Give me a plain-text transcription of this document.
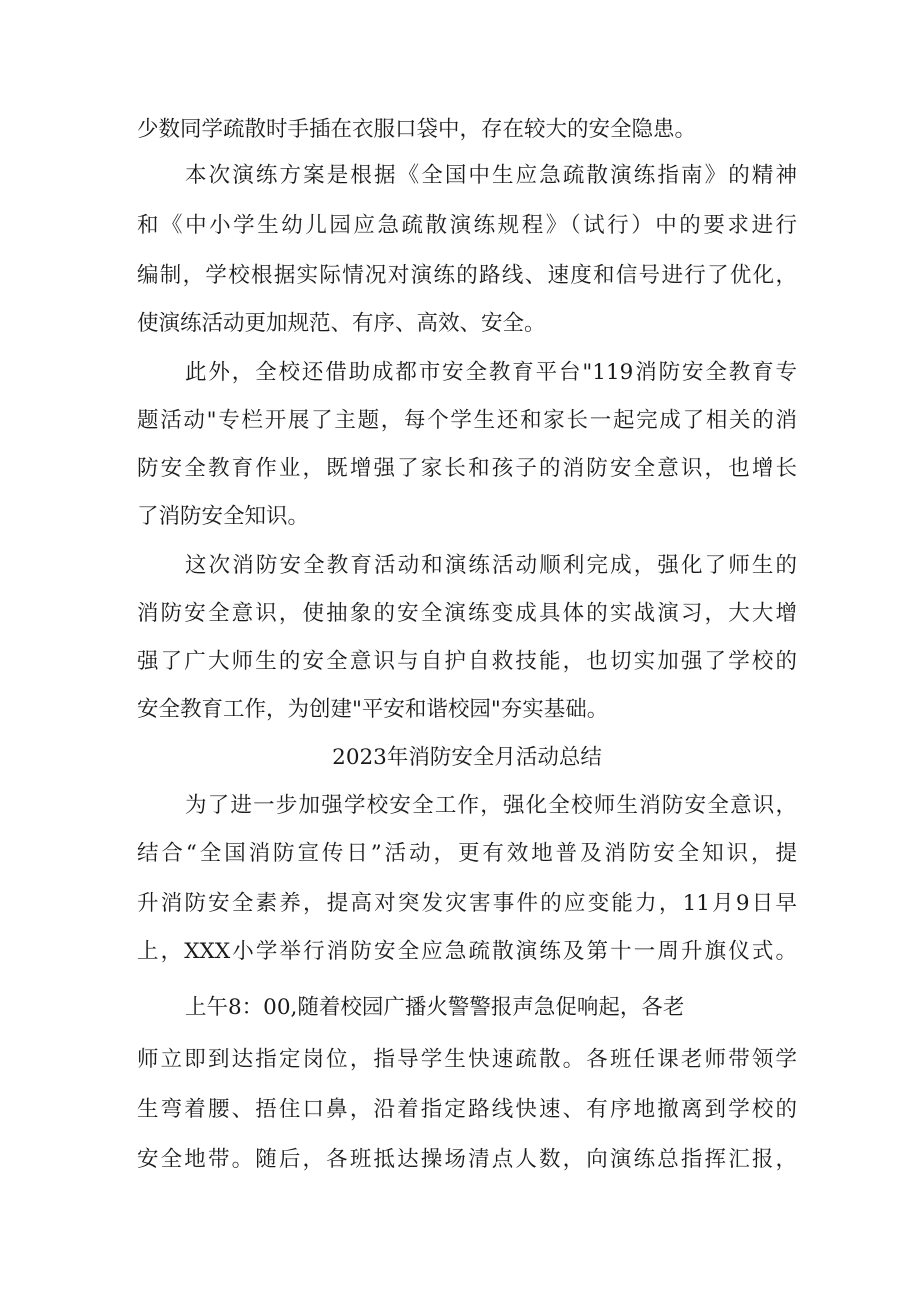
少数同学疏散时手插在衣服口袋中，存在较大的安全隐患。
本次演练方案是根据《全国中生应急疏散演练指南》的精神
和《中小学生幼儿园应急疏散演练规程》（试行）中的要求进行
编制，学校根据实际情况对演练的路线、速度和信号进行了优化，
使演练活动更加规范、有序、高效、安全。
此外，全校还借助成都市安全教育平台"119消防安全教育专
题活动"专栏开展了主题，每个学生还和家长一起完成了相关的消
防安全教育作业，既增强了家长和孩子的消防安全意识，也增长
了消防安全知识。
这次消防安全教育活动和演练活动顺利完成，强化了师生的
消防安全意识，使抽象的安全演练变成具体的实战演习，大大增
强了广大师生的安全意识与自护自救技能，也切实加强了学校的
安全教育工作，为创建"平安和谐校园"夯实基础。
2023年消防安全月活动总结
为了进一步加强学校安全工作，强化全校师生消防安全意识，
结合“全国消防宣传日”活动，更有效地普及消防安全知识，提
升消防安全素养，提高对突发灾害事件的应变能力，11月9日早
上，XXX小学举行消防安全应急疏散演练及第十一周升旗仪式。
上午8：00,随着校园广播火警警报声急促响起，各老
师立即到达指定岗位，指导学生快速疏散。各班任课老师带领学
生弯着腰、捂住口鼻，沿着指定路线快速、有序地撤离到学校的
安全地带。随后，各班抵达操场清点人数，向演练总指挥汇报，
